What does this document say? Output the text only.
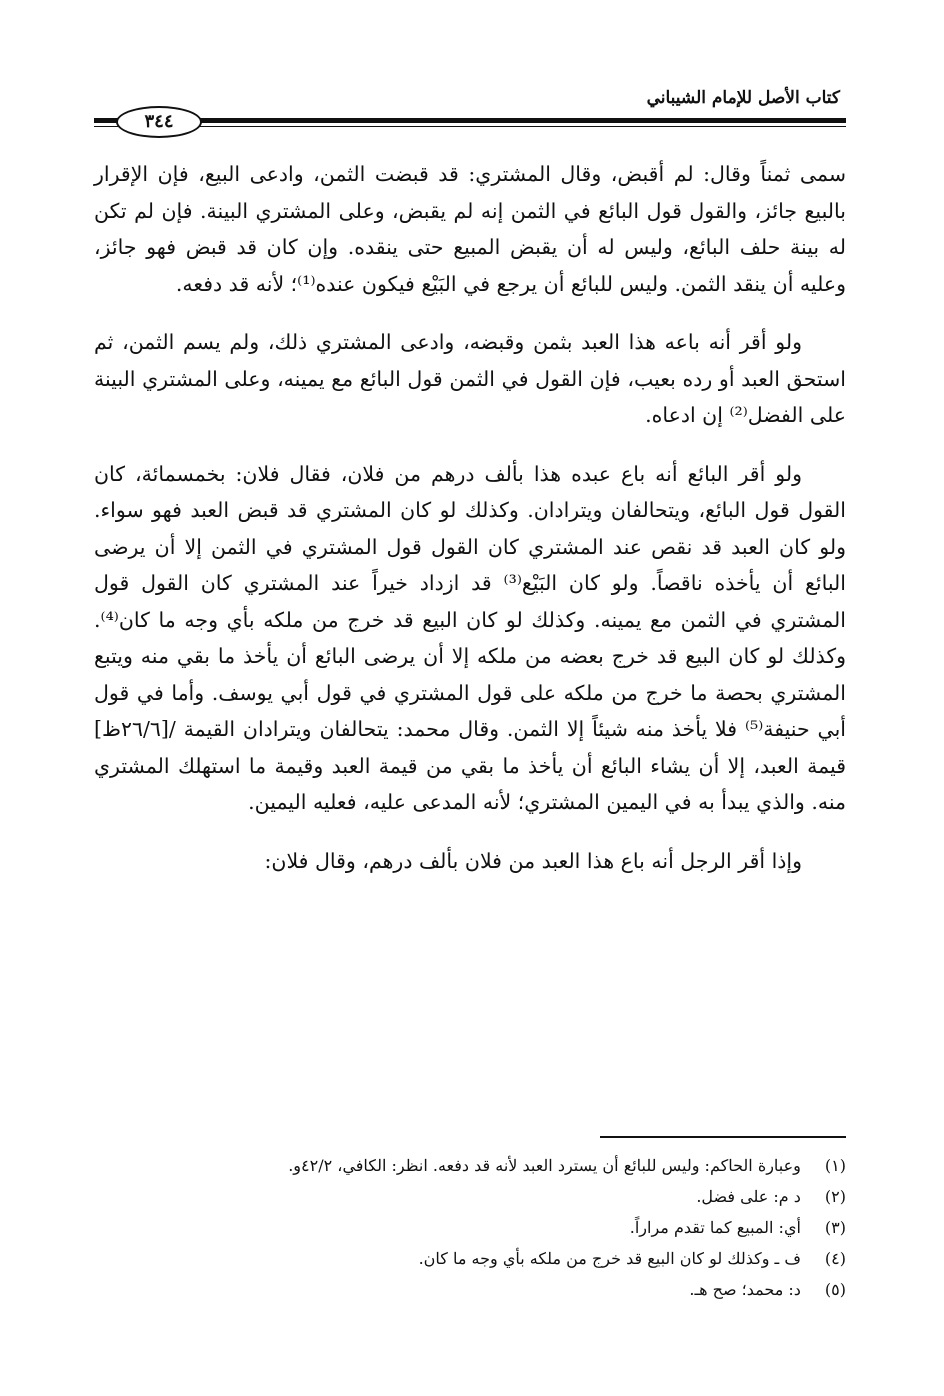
كتاب الأصل للإمام الشيباني
٣٤٤

سمى ثمناً وقال: لم أقبض، وقال المشتري: قد قبضت الثمن، وادعى البيع، فإن الإقرار بالبيع جائز، والقول قول البائع في الثمن إنه لم يقبض، وعلى المشتري البينة. فإن لم تكن له بينة حلف البائع، وليس له أن يقبض المبيع حتى ينقده. وإن كان قد قبض فهو جائز، وعليه أن ينقد الثمن. وليس للبائع أن يرجع في البَيْع فيكون عنده⁽¹⁾؛ لأنه قد دفعه.

ولو أقر أنه باعه هذا العبد بثمن وقبضه، وادعى المشتري ذلك، ولم يسم الثمن، ثم استحق العبد أو رده بعيب، فإن القول في الثمن قول البائع مع يمينه، وعلى المشتري البينة على الفضل⁽²⁾ إن ادعاه.

ولو أقر البائع أنه باع عبده هذا بألف درهم من فلان، فقال فلان: بخمسمائة، كان القول قول البائع، ويتحالفان ويترادان. وكذلك لو كان المشتري قد قبض العبد فهو سواء. ولو كان العبد قد نقص عند المشتري كان القول قول المشتري في الثمن إلا أن يرضى البائع أن يأخذه ناقصاً. ولو كان البَيْع⁽³⁾ قد ازداد خيراً عند المشتري كان القول قول المشتري في الثمن مع يمينه. وكذلك لو كان البيع قد خرج من ملكه بأي وجه ما كان⁽⁴⁾. وكذلك لو كان البيع قد خرج بعضه من ملكه إلا أن يرضى البائع أن يأخذ ما بقي منه ويتبع المشتري بحصة ما خرج من ملكه على قول المشتري في قول أبي يوسف. وأما في قول أبي حنيفة⁽⁵⁾ فلا يأخذ منه شيئاً إلا الثمن. وقال محمد: يتحالفان ويترادان القيمة /[٢٦/٦ظ] قيمة العبد، إلا أن يشاء البائع أن يأخذ ما بقي من قيمة العبد وقيمة ما استهلك المشتري منه. والذي يبدأ به في اليمين المشتري؛ لأنه المدعى عليه، فعليه اليمين.

وإذا أقر الرجل أنه باع هذا العبد من فلان بألف درهم، وقال فلان:

(١) وعبارة الحاكم: وليس للبائع أن يسترد العبد لأنه قد دفعه. انظر: الكافي، ٤٢/٢و.
(٢) د م: على فضل.
(٣) أي: المبيع كما تقدم مراراً.
(٤) ف ـ وكذلك لو كان البيع قد خرج من ملكه بأي وجه ما كان.
(٥) د: محمد؛ صح هـ.
